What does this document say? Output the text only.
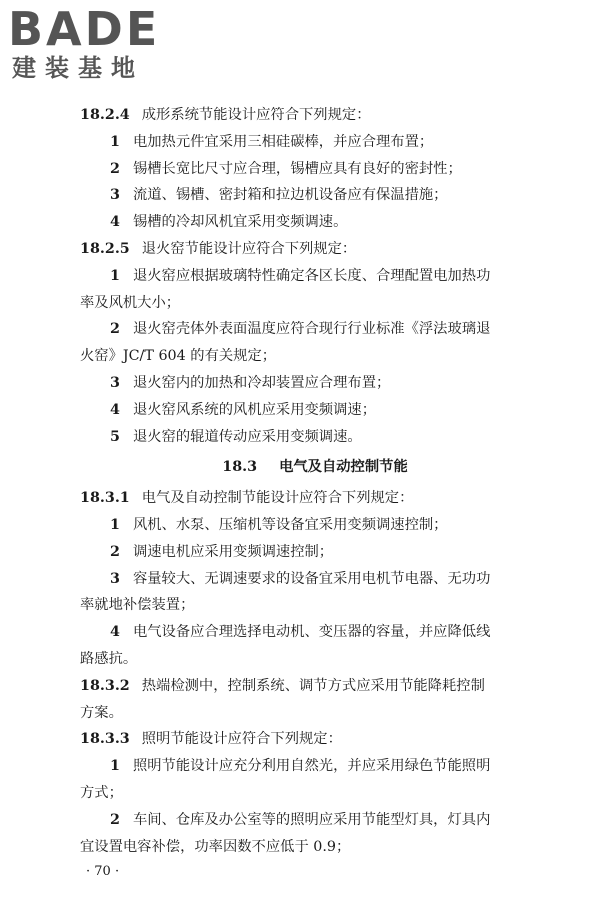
BADE
建装基地
18.2.4 成形系统节能设计应符合下列规定：
1 电加热元件宜采用三相硅碳棒，并应合理布置；
2 锡槽长宽比尺寸应合理，锡槽应具有良好的密封性；
3 流道、锡槽、密封箱和拉边机设备应有保温措施；
4 锡槽的冷却风机宜采用变频调速。
18.2.5 退火窑节能设计应符合下列规定：
1 退火窑应根据玻璃特性确定各区长度、合理配置电加热功
率及风机大小；
2 退火窑壳体外表面温度应符合现行行业标准《浮法玻璃退
火窑》JC/T 604 的有关规定；
3 退火窑内的加热和冷却装置应合理布置；
4 退火窑风系统的风机应采用变频调速；
5 退火窑的辊道传动应采用变频调速。
18.3 电气及自动控制节能
18.3.1 电气及自动控制节能设计应符合下列规定：
1 风机、水泵、压缩机等设备宜采用变频调速控制；
2 调速电机应采用变频调速控制；
3 容量较大、无调速要求的设备宜采用电机节电器、无功功
率就地补偿装置；
4 电气设备应合理选择电动机、变压器的容量，并应降低线
路感抗。
18.3.2 热端检测中，控制系统、调节方式应采用节能降耗控制
方案。
18.3.3 照明节能设计应符合下列规定：
1 照明节能设计应充分利用自然光，并应采用绿色节能照明
方式；
2 车间、仓库及办公室等的照明应采用节能型灯具，灯具内
宜设置电容补偿，功率因数不应低于 0.9；
· 70 ·
